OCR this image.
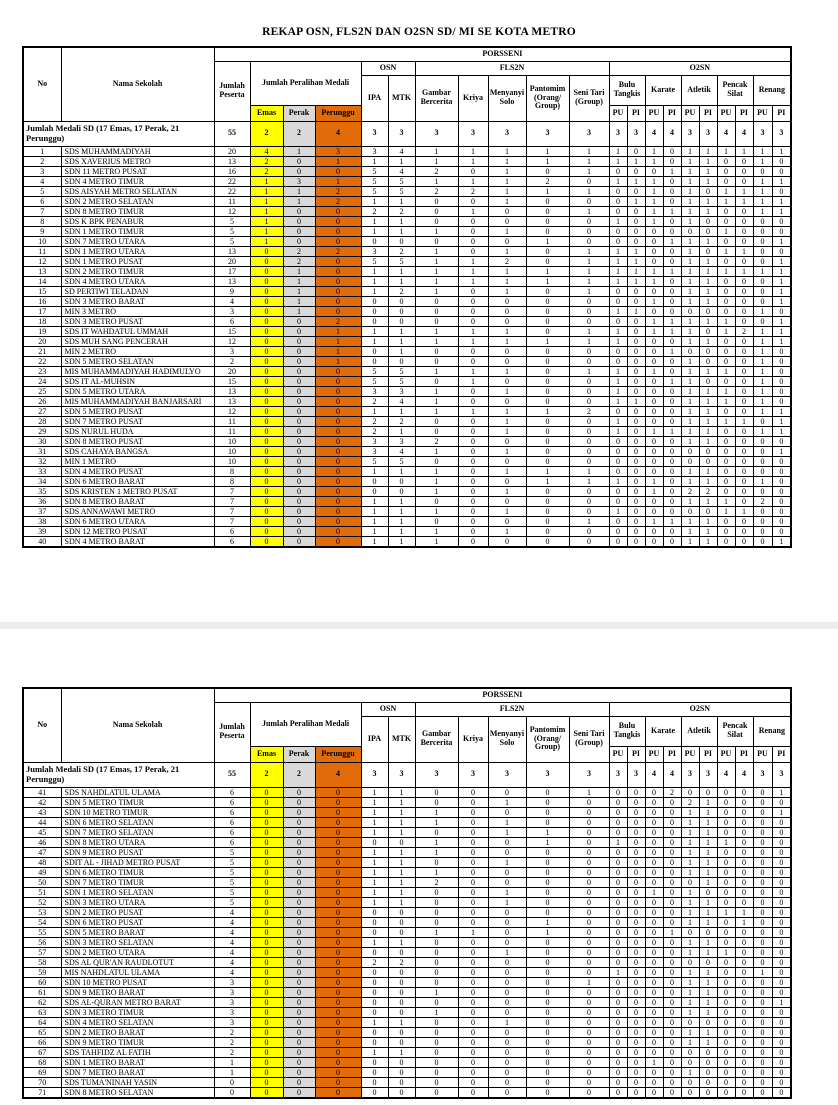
REKAP OSN, FLS2N DAN O2SN SD/ MI SE KOTA METRO
No	Nama Sekolah	PORSSENI																				
		Jumlah Peserta	Jumlah Peralihan Medali			OSN		FLS2N					O2SN									
						IPA	MTK	Gambar Bercerita	Kriya	Menyanyi Solo	Pantomim (Orang/ Group)	Seni Tari (Group)	Bulu Tangkis		Karate		Atletik		Pencak Silat		Renang	
			Emas	Perak	Perunggu								PU	PI	PU	PI	PU	PI	PU	PI	PU	PI
Jumlah Medali SD (17 Emas, 17 Perak, 21 Perunggu)		55	2	2	4	3	3	3	3	3	3	3	3	3	4	4	3	3	4	4	3	3
1	SDS MUHAMMADIYAH	20	4	1	3	3	4	1	1	1	1	1	1	0	1	0	1	1	1	1	1	1
2	SDS XAVERIUS METRO	13	2	0	1	1	1	1	1	1	1	1	1	1	1	0	1	1	0	0	1	0
3	SDN 11 METRO PUSAT	16	2	0	0	5	4	2	0	1	0	1	0	0	0	1	1	1	0	0	0	0
4	SDN 4 METRO TIMUR	22	1	3	1	5	5	1	1	1	2	0	1	1	1	0	1	1	0	0	1	1
5	SDS AISYAH METRO SELATAN	22	1	1	2	5	5	2	2	1	1	1	0	0	1	0	1	0	1	1	1	0
6	SDN 2 METRO SELATAN	11	1	1	2	1	1	0	0	1	0	0	0	1	1	0	1	1	1	1	1	1
7	SDN 8 METRO TIMUR	12	1	0	0	2	2	0	1	0	0	1	0	0	1	1	1	1	0	0	1	1
8	SDS K BPK PENABUR	5	1	0	0	1	1	0	0	0	0	0	1	0	1	0	1	0	0	0	0	0
9	SDN 1 METRO TIMUR	5	1	0	0	1	1	1	0	1	0	0	0	0	0	0	0	0	1	0	0	0
10	SDN 7 METRO UTARA	5	1	0	0	0	0	0	0	0	1	0	0	0	0	1	1	1	0	0	0	1
11	SDN 1 METRO UTARA	13	0	2	2	3	2	1	0	1	0	1	1	1	0	0	1	0	1	1	0	0
12	SDN 1 METRO PUSAT	20	0	2	0	5	5	1	1	2	0	1	1	1	0	0	1	1	0	0	0	1
13	SDN 2 METRO TIMUR	17	0	1	0	1	1	1	1	1	1	1	1	1	1	1	1	1	1	1	1	1
14	SDN 4 METRO UTARA	13	0	1	0	1	1	1	1	1	1	1	1	1	1	0	1	1	0	0	0	1
15	SD PERTIWI TELADAN	9	0	1	0	1	2	1	0	1	0	1	0	0	0	0	1	1	0	0	0	1
16	SDN 3 METRO BARAT	4	0	1	0	0	0	0	0	0	0	0	0	0	1	0	1	1	0	0	0	1
17	MIN 3 METRO	3	0	1	0	0	0	0	0	0	0	0	1	1	0	0	0	0	0	0	1	0
18	SDN 3 METRO PUSAT	6	0	0	2	0	0	0	0	0	0	0	0	0	1	1	1	1	1	0	0	1
19	SDS IT WAHDATUL UMMAH	15	0	0	1	1	1	1	1	1	0	1	1	0	1	1	1	0	1	2	1	1
20	SDS MUH SANG PENCERAH	12	0	0	1	1	1	1	1	1	1	1	1	0	0	0	1	1	0	0	1	1
21	MIN 2 METRO	3	0	0	1	0	1	0	0	0	0	0	0	0	0	1	0	0	0	0	1	0
22	SDN 5 METRO SELATAN	2	0	0	1	0	0	0	0	0	0	0	0	0	0	0	1	0	0	0	1	0
23	MIS MUHAMMADIYAH HADIMULYO	20	0	0	0	5	5	1	1	1	0	1	1	0	1	0	1	1	1	0	1	0
24	SDS IT AL-MUHSIN	15	0	0	0	5	5	0	1	0	0	0	1	0	0	1	1	0	0	0	1	0
25	SDN 5 METRO UTARA	13	0	0	0	3	3	1	0	1	0	0	1	0	0	0	1	1	1	0	1	0
26	MIS MUHAMMADIYAH BANJARSARI	13	0	0	0	2	4	1	0	0	0	0	1	1	0	0	1	1	1	0	1	0
27	SDN 5 METRO PUSAT	12	0	0	0	1	1	1	1	1	1	2	0	0	0	0	1	1	0	0	1	1
28	SDN 7 METRO PUSAT	11	0	0	0	2	2	0	0	1	0	0	1	0	0	0	1	1	1	1	0	1
29	SDS NURUL HUDA	11	0	0	0	2	1	0	0	1	0	0	1	0	1	1	1	1	0	0	1	1
30	SDN 8 METRO PUSAT	10	0	0	0	3	3	2	0	0	0	0	0	0	0	0	1	1	0	0	0	0
31	SDS CAHAYA BANGSA	10	0	0	0	3	4	1	0	1	0	0	0	0	0	0	0	0	0	0	0	1
32	MIN 1 METRO	10	0	0	0	5	5	0	0	0	0	0	0	0	0	0	0	0	0	0	0	0
33	SDN 4 METRO PUSAT	8	0	0	0	1	1	1	0	1	1	1	0	0	0	0	1	1	0	0	0	0
34	SDN 6 METRO BARAT	8	0	0	0	0	0	1	0	0	1	1	1	0	1	0	1	1	0	0	1	0
35	SDS KRISTEN 1 METRO PUSAT	7	0	0	0	0	0	1	0	1	0	0	0	0	1	0	2	2	0	0	0	0
36	SDN 8 METRO BARAT	7	0	0	0	1	1	0	0	0	0	0	0	0	0	0	1	1	1	0	2	0
37	SDS ANNAWAWI METRO	7	0	0	0	1	1	1	0	1	0	0	1	0	0	0	0	0	1	1	0	0
38	SDN 6 METRO UTARA	7	0	0	0	1	1	0	0	0	0	1	0	0	1	1	1	1	0	0	0	0
39	SDN 12 METRO PUSAT	6	0	0	0	1	1	1	0	1	0	0	0	0	0	0	1	1	0	0	0	0
40	SDN 4 METRO BARAT	6	0	0	0	1	1	1	0	0	0	0	0	0	0	0	1	1	0	0	0	1
No	Nama Sekolah	PORSSENI																				
		Jumlah Peserta	Jumlah Peralihan Medali			OSN		FLS2N					O2SN									
						IPA	MTK	Gambar Bercerita	Kriya	Menyanyi Solo	Pantomim (Orang/ Group)	Seni Tari (Group)	Bulu Tangkis		Karate		Atletik		Pencak Silat		Renang	
			Emas	Perak	Perunggu								PU	PI	PU	PI	PU	PI	PU	PI	PU	PI
Jumlah Medali SD (17 Emas, 17 Perak, 21 Perunggu)		55	2	2	4	3	3	3	3	3	3	3	3	3	4	4	3	3	4	4	3	3
41	SDS NAHDLATUL ULAMA	6	0	0	0	1	1	0	0	0	0	1	0	0	0	2	0	0	0	0	0	1
42	SDN 5 METRO TIMUR	6	0	0	0	1	1	0	0	1	0	0	0	0	0	0	2	1	0	0	0	0
43	SDN 10 METRO TIMUR	6	0	0	0	1	1	1	0	0	0	0	0	0	0	0	1	1	0	0	0	1
44	SDN 6 METRO SELATAN	6	0	0	0	1	1	1	0	1	0	0	0	0	0	0	1	1	0	0	0	0
45	SDN 7 METRO SELATAN	6	0	0	0	1	1	0	0	1	1	0	0	0	0	0	1	1	0	0	0	0
46	SDN 8 METRO UTARA	6	0	0	0	0	0	1	0	0	1	0	1	0	0	0	1	1	1	0	0	0
47	SDN 9 METRO PUSAT	5	0	0	0	1	1	1	0	0	0	0	0	0	0	0	1	1	0	0	0	0
48	SDIT AL - JIHAD METRO PUSAT	5	0	0	0	1	1	0	0	1	0	0	0	0	0	0	1	1	0	0	0	0
49	SDN 6 METRO TIMUR	5	0	0	0	1	1	1	0	0	0	0	0	0	0	0	1	1	0	0	0	0
50	SDN 7 METRO TIMUR	5	0	0	0	1	1	2	0	0	0	0	0	0	0	0	0	1	0	0	0	0
51	SDN 1 METRO SELATAN	5	0	0	0	1	1	0	0	1	0	0	0	0	1	0	1	0	0	0	0	0
52	SDN 3 METRO UTARA	5	0	0	0	1	1	0	0	1	0	0	0	0	0	0	1	1	0	0	0	0
53	SDN 2 METRO PUSAT	4	0	0	0	0	0	0	0	0	0	0	0	0	0	0	1	1	1	1	0	0
54	SDN 6 METRO PUSAT	4	0	0	0	0	0	0	0	0	1	0	0	0	0	0	1	1	0	1	0	0
55	SDN 5 METRO BARAT	4	0	0	0	0	0	1	1	0	1	0	0	0	0	1	0	0	0	0	0	0
56	SDN 3 METRO SELATAN	4	0	0	0	1	1	0	0	0	0	0	0	0	0	0	1	1	0	0	0	0
57	SDN 2 METRO UTARA	4	0	0	0	0	0	0	0	1	0	0	0	0	0	0	1	1	1	0	0	0
58	SDS AL QUR'AN RAUDLOTUT	4	0	0	0	2	2	0	0	0	0	0	0	0	0	0	0	0	0	0	0	0
59	MIS NAHDLATUL ULAMA	4	0	0	0	0	0	0	0	0	0	0	1	0	0	0	1	1	0	0	1	0
60	SDN 10 METRO PUSAT	3	0	0	0	0	0	0	0	0	0	1	0	0	0	0	1	1	0	0	0	0
61	SDN 9 METRO BARAT	3	0	0	0	0	0	1	0	0	0	0	0	0	0	0	1	1	0	0	0	0
62	SDS AL-QURAN METRO BARAT	3	0	0	0	0	0	0	0	0	0	0	0	0	0	0	1	1	0	0	0	1
63	SDN 3 METRO TIMUR	3	0	0	0	0	0	1	0	0	0	0	0	0	0	0	1	1	0	0	0	0
64	SDN 4 METRO SELATAN	3	0	0	0	1	1	0	0	1	0	0	0	0	0	0	0	0	0	0	0	0
65	SDN 2 METRO BARAT	2	0	0	0	0	0	0	0	0	0	0	0	0	0	0	1	1	0	0	0	0
66	SDN 9 METRO TIMUR	2	0	0	0	0	0	0	0	0	0	0	0	0	0	0	1	1	0	0	0	0
67	SDS TAHFIDZ AL FATIH	2	0	0	0	1	1	0	0	0	0	0	0	0	0	0	0	0	0	0	0	0
68	SDN 1 METRO BARAT	1	0	0	0	0	0	0	0	0	0	0	0	0	1	0	0	0	0	0	0	0
69	SDN 7 METRO BARAT	1	0	0	0	0	0	0	0	0	0	0	0	0	0	0	1	0	0	0	0	0
70	SDS TUMA'NINAH YASIN	0	0	0	0	0	0	0	0	0	0	0	0	0	0	0	0	0	0	0	0	0
71	SDN 8 METRO SELATAN	0	0	0	0	0	0	0	0	0	0	0	0	0	0	0	0	0	0	0	0	0
